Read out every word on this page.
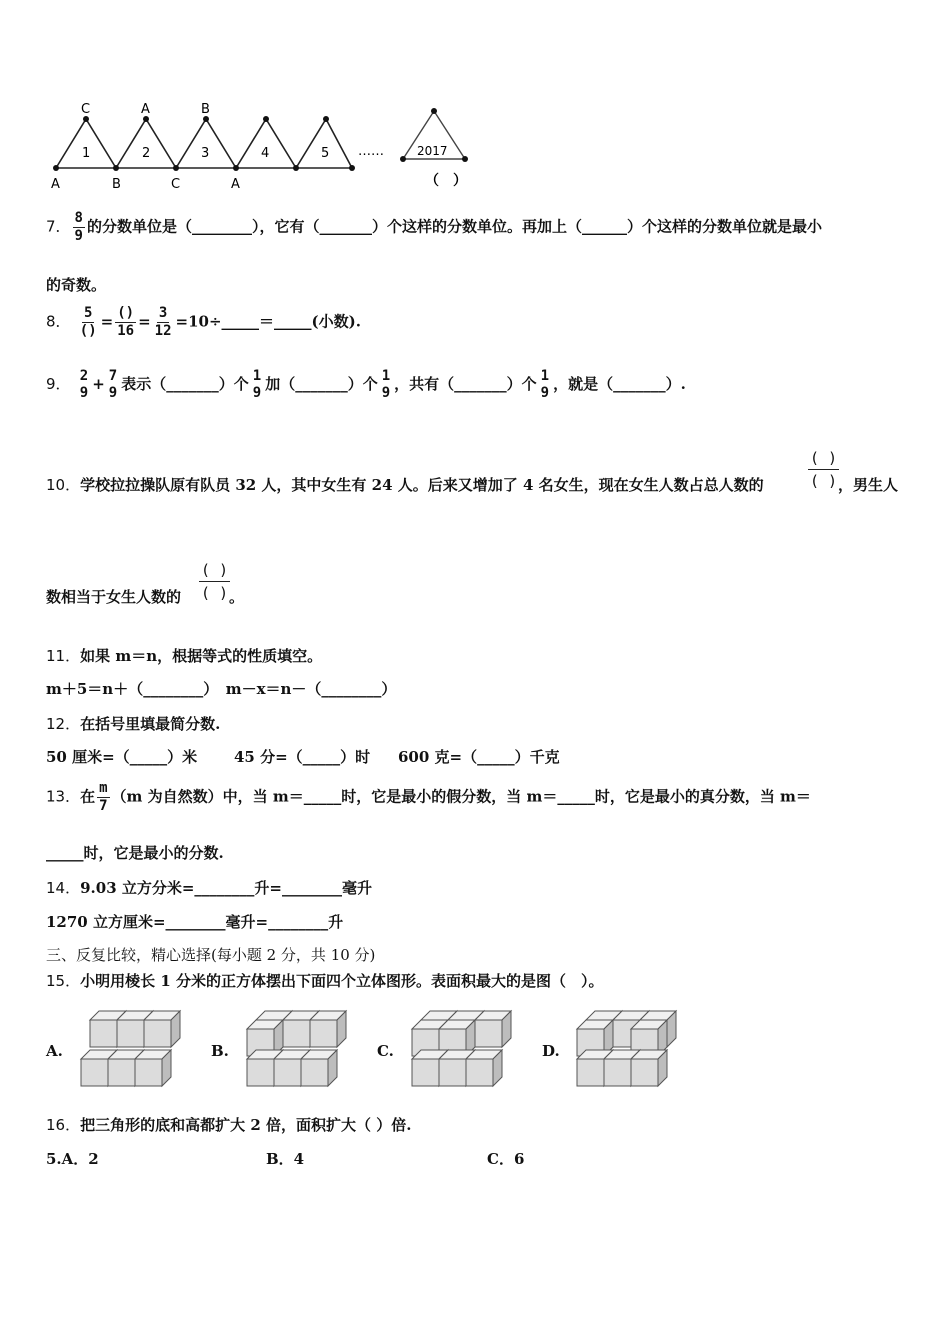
C	A	B
1	2	3	4	5
A	B	C	A
……	2017
（　）
7． $\frac{8}{9}$ 的分数单位是（________），它有（_______）个这样的分数单位。再加上（______）个这样的分数单位就是最小
的奇数。
8． $\frac{5}{()} = \frac{()}{16} = \frac{3}{12}$ =10÷_____＝_____(小数).
9． 2
9 + 7
9 表示（_______）个 1
9 加（_______）个 1
9 ，共有（_______）个 1
9 ，就是（_______）.
10．学校拉拉操队原有队员 32 人，其中女生有 24 人。后来又增加了 4 名女生，现在女生人数占总人数的	$\frac{( )}{( )}$
，男生人
数相当于女生人数的 $\frac{( )}{( )}$
。
11．如果 m＝n，根据等式的性质填空。
m＋5＝n＋（________）　m－x＝n－（________）
12．在括号里填最简分数.
50 厘米=（_____）米 45 分=（_____）时 600 克=（_____）千克
13．在 $\frac{m}{7} (m$ 为自然数）中，当 m＝_____时，它是最小的假分数，当 m＝_____时，它是最小的真分数，当 m＝
_____时，它是最小的分数.
14．9.03 立方分米=________升=________毫升
1270 立方厘米=________毫升=________升
三、反复比较，精心选择(每小题 2 分，共 10 分)
15．小明用棱长 1 分米的正方体摆出下面四个立体图形。表面积最大的是图（　）。
A.	B.	C.	D.
16．把三角形的底和高都扩大 2 倍，面积扩大（ ）倍.
5.A．2	B．4	C．6
